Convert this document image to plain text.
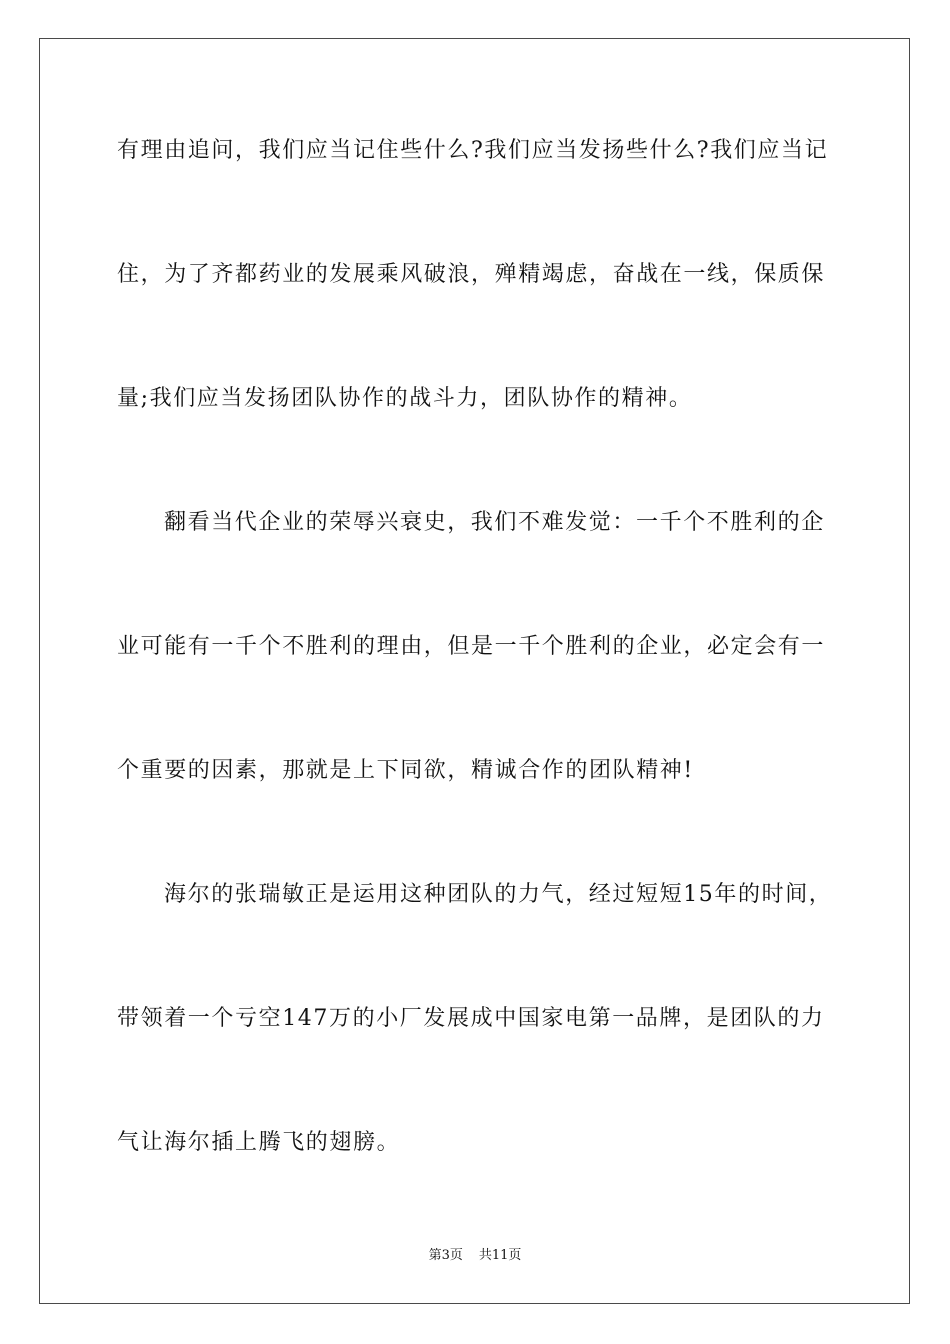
有理由追问，我们应当记住些什么?我们应当发扬些什么?我们应当记
住，为了齐都药业的发展乘风破浪，殚精竭虑，奋战在一线，保质保
量;我们应当发扬团队协作的战斗力，团队协作的精神。
翻看当代企业的荣辱兴衰史，我们不难发觉：一千个不胜利的企
业可能有一千个不胜利的理由，但是一千个胜利的企业，必定会有一
个重要的因素，那就是上下同欲，精诚合作的团队精神!
海尔的张瑞敏正是运用这种团队的力气，经过短短15年的时间，
带领着一个亏空147万的小厂发展成中国家电第一品牌，是团队的力
气让海尔插上腾飞的翅膀。
第3页 共11页
